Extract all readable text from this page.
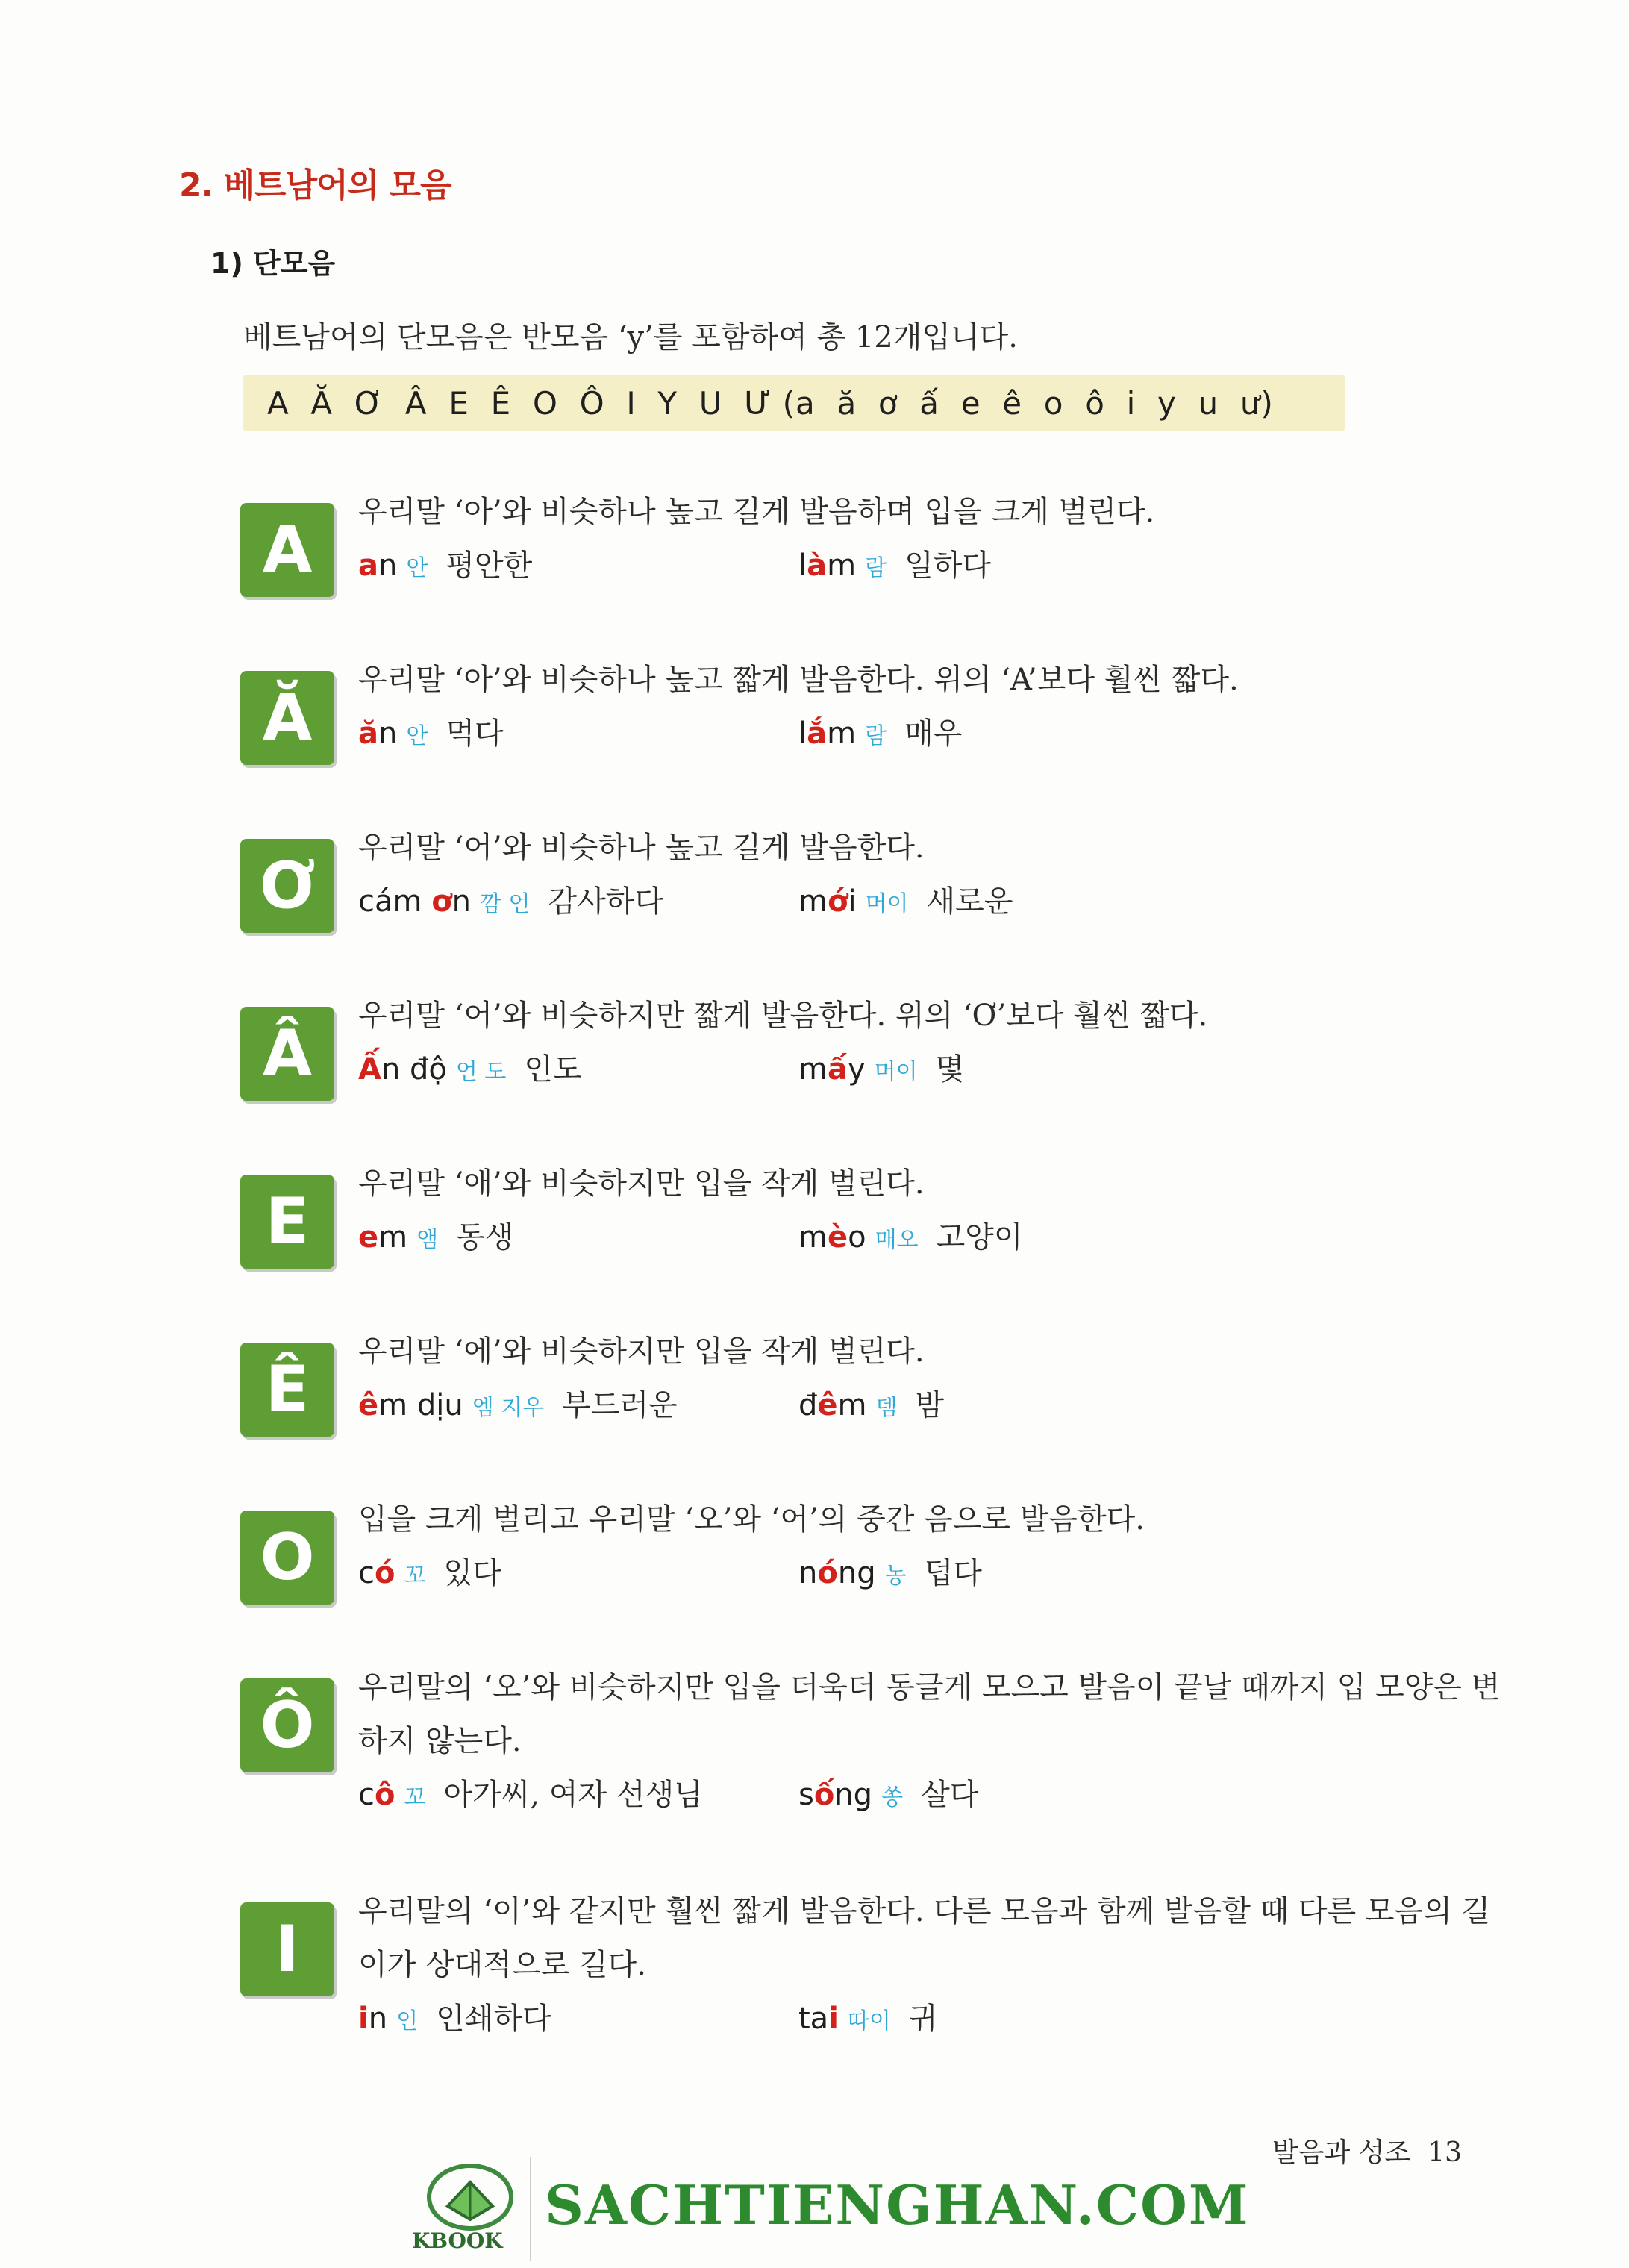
2. 베트남어의 모음
1) 단모음
베트남어의 단모음은 반모음 ‘y’를 포함하여 총 12개입니다.
A  Ă  Ơ  Â  E  Ê  O  Ô  I  Y  U  Ư (a  ă  ơ  ấ  e  ê  o  ô  i  y  u  ư)
A
우리말 ‘아’와 비슷하나 높고 길게 발음하며 입을 크게 벌린다.
an 안 평안한	làm 람 일하다
Ă
우리말 ‘아’와 비슷하나 높고 짧게 발음한다. 위의 ‘A’보다 훨씬 짧다.
ăn 안 먹다	lắm 람 매우
Ơ
우리말 ‘어’와 비슷하나 높고 길게 발음한다.
cám ơn 깜 언 감사하다	mới 머이 새로운
Â
우리말 ‘어’와 비슷하지만 짧게 발음한다. 위의 ‘Ơ’보다 훨씬 짧다.
Ấn độ 언 도 인도	mấy 머이 몇
E
우리말 ‘애’와 비슷하지만 입을 작게 벌린다.
em 앰 동생	mèo 매오 고양이
Ê
우리말 ‘에’와 비슷하지만 입을 작게 벌린다.
êm dịu 엠 지우 부드러운	đêm 뎀 밤
O
입을 크게 벌리고 우리말 ‘오’와 ‘어’의 중간 음으로 발음한다.
có 꼬 있다	nóng 농 덥다
Ô
우리말의 ‘오’와 비슷하지만 입을 더욱더 동글게 모으고 발음이 끝날 때까지 입 모양은 변하지 않는다.
cô 꼬 아가씨, 여자 선생님	sống 쏭 살다
I
우리말의 ‘이’와 같지만 훨씬 짧게 발음한다. 다른 모음과 함께 발음할 때 다른 모음의 길이가 상대적으로 길다.
in 인 인쇄하다	tai 따이 귀
발음과 성조 13
KBOOK
SACHTIENGHAN.COM
